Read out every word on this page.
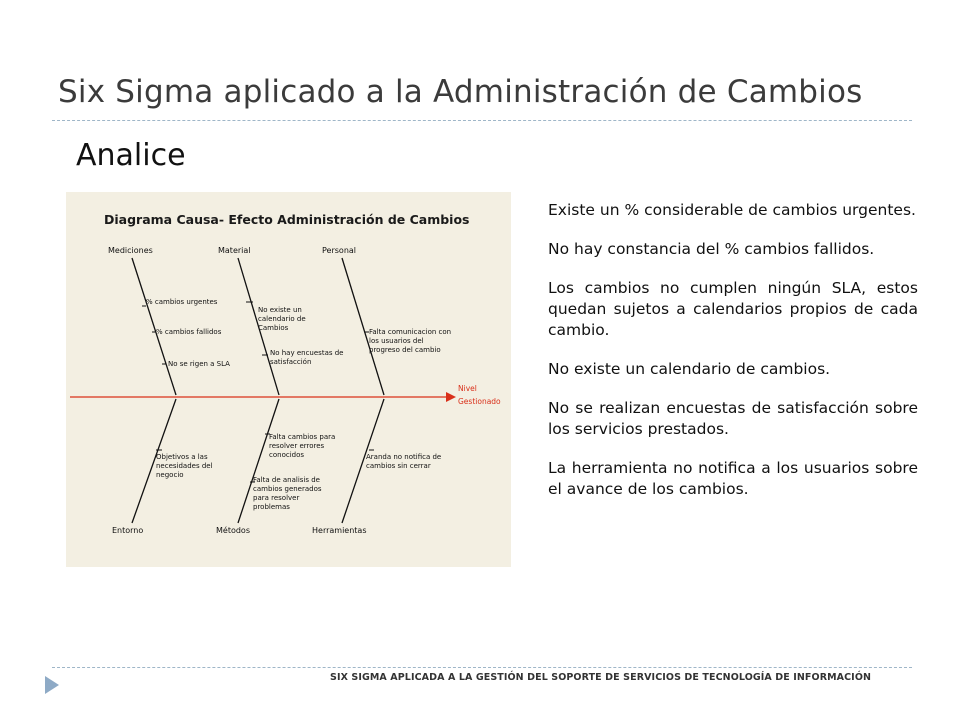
Six Sigma aplicado a la Administración de Cambios
Analice
Diagrama Causa- Efecto Administración de Cambios
Mediciones	Material	Personal
Entorno	Métodos	Herramientas
Nivel
Gestionado
% cambios urgentes
% cambios fallidos
No se rigen a SLA
No existe un
calendario de
Cambios
No hay encuestas de
satisfacción
Falta comunicacion con
los usuarios del
progreso del cambio
Objetivos a las
necesidades del
negocio
Falta cambios para
resolver errores
conocidos
Falta de analisis de
cambios generados
para resolver
problemas
Aranda no notifica de
cambios sin cerrar

Existe un % considerable de cambios urgentes.

No hay constancia del % cambios fallidos.

Los cambios no cumplen ningún SLA, estos quedan sujetos a calendarios propios de cada cambio.

No existe un calendario de cambios.

No se realizan encuestas de satisfacción sobre los servicios prestados.

La herramienta no notifica a los usuarios sobre el avance de los cambios.

SIX SIGMA APLICADA A LA GESTIÓN DEL SOPORTE DE SERVICIOS DE TECNOLOGÍA DE INFORMACIÓN
